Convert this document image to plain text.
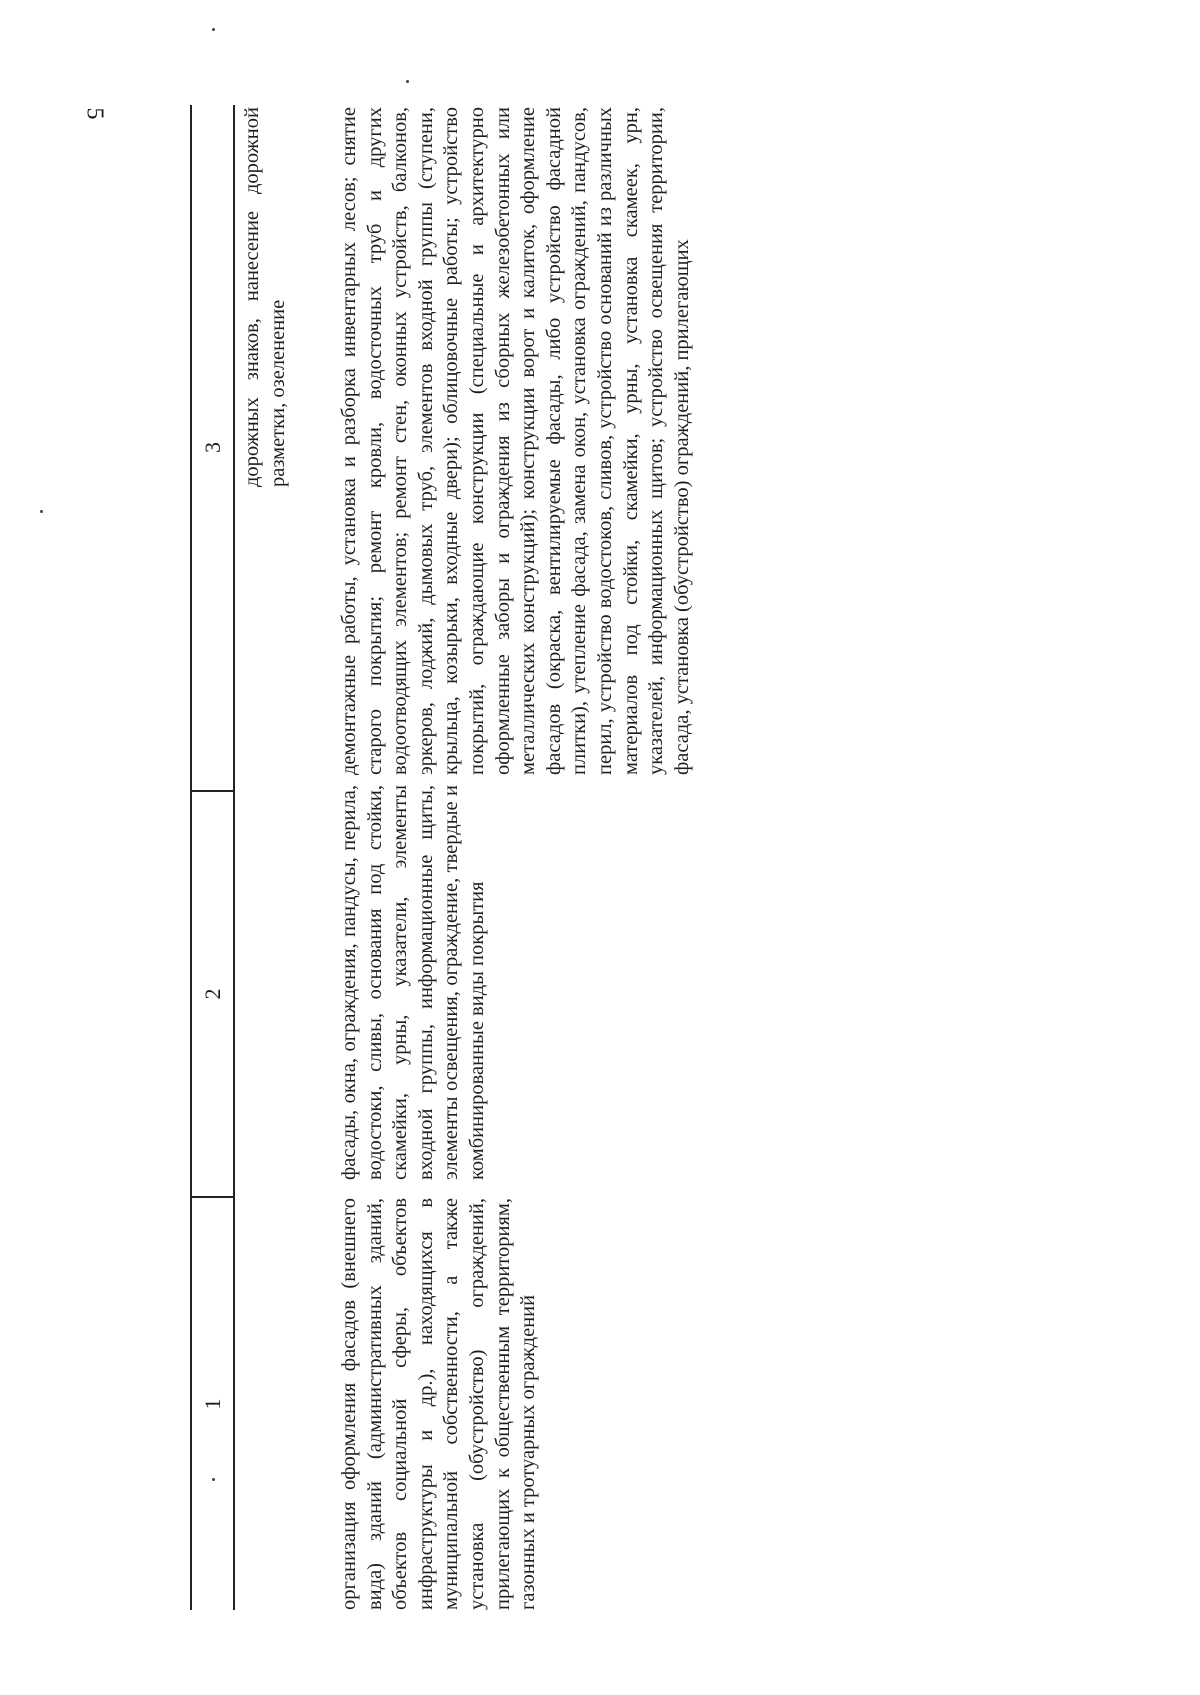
5
1
2
3 дорожных знаков, нанесение дорожной разметки, озеленение
организация оформления фасадов (внешнего вида) зданий (административных зданий, объектов социальной сферы, объектов инфраструктуры и др.), находящихся в муниципальной собственности, а также установка (обустройство) ограждений, прилегающих к общественным территориям, газонных и тротуарных ограждений
фасады, окна, ограждения, пандусы, перила, водостоки, сливы, основания под стойки, скамейки, урны, указатели, элементы входной группы, информационные щиты, элементы освещения, ограждение, твердые и комбинированные виды покрытия
демонтажные работы, установка и разборка инвентарных лесов; снятие старого покрытия; ремонт кровли, водосточных труб и других водоотводящих элементов; ремонт стен, оконных устройств, балконов, эркеров, лоджий, дымовых труб, элементов входной группы (ступени, крыльца, козырьки, входные двери); облицовочные работы; устройство покрытий, ограждающие конструкции (специальные и архитектурно оформленные заборы и ограждения из сборных железобетонных или металлических конструкций); конструкции ворот и калиток, оформление фасадов (окраска, вентилируемые фасады, либо устройство фасадной плитки), утепление фасада, замена окон, установка ограждений, пандусов, перил, устройство водостоков, сливов, устройство оснований из различных материалов под стойки, скамейки, урны, установка скамеек, урн, указателей, информационных щитов; устройство освещения территории, фасада, установка (обустройство) ограждений, прилегающих
